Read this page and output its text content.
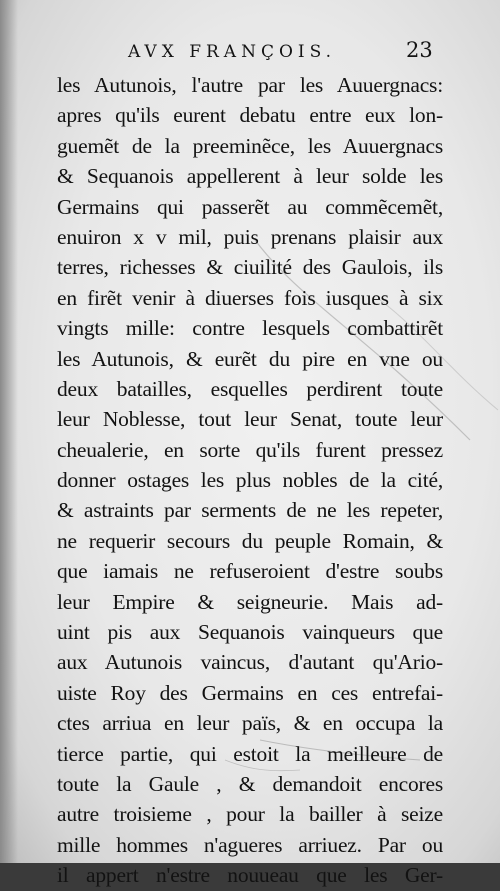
AVX FRANÇOIS.	23
les Autunois, l'autre par les Auuergnacs:
apres qu'ils eurent debatu entre eux lon-
guemẽt de la preeminẽce, les Auuergnacs
& Sequanois appellerent à leur solde les
Germains qui passerẽt au commẽcemẽt,
enuiron x v mil, puis prenans plaisir aux
terres, richesses & ciuilité des Gaulois, ils
en firẽt venir à diuerses fois iusques à six
vingts mille: contre lesquels combattirẽt
les Autunois, & eurẽt du pire en vne ou
deux batailles, esquelles perdirent toute
leur Noblesse, tout leur Senat, toute leur
cheualerie, en sorte qu'ils furent pressez
donner ostages les plus nobles de la cité,
& astraints par serments de ne les repeter,
ne requerir secours du peuple Romain, &
que iamais ne refuseroient d'estre soubs
leur Empire & seigneurie. Mais ad-
uint pis aux Sequanois vainqueurs que
aux Autunois vaincus, d'autant qu'Ario-
uiste Roy des Germains en ces entrefai-
ctes arriua en leur païs, & en occupa la
tierce partie, qui estoit la meilleure de
toute la Gaule , & demandoit encores
autre troisieme , pour la bailler à seize
mille hommes n'agueres arriuez. Par ou
il appert n'estre nouueau que les Ger-
